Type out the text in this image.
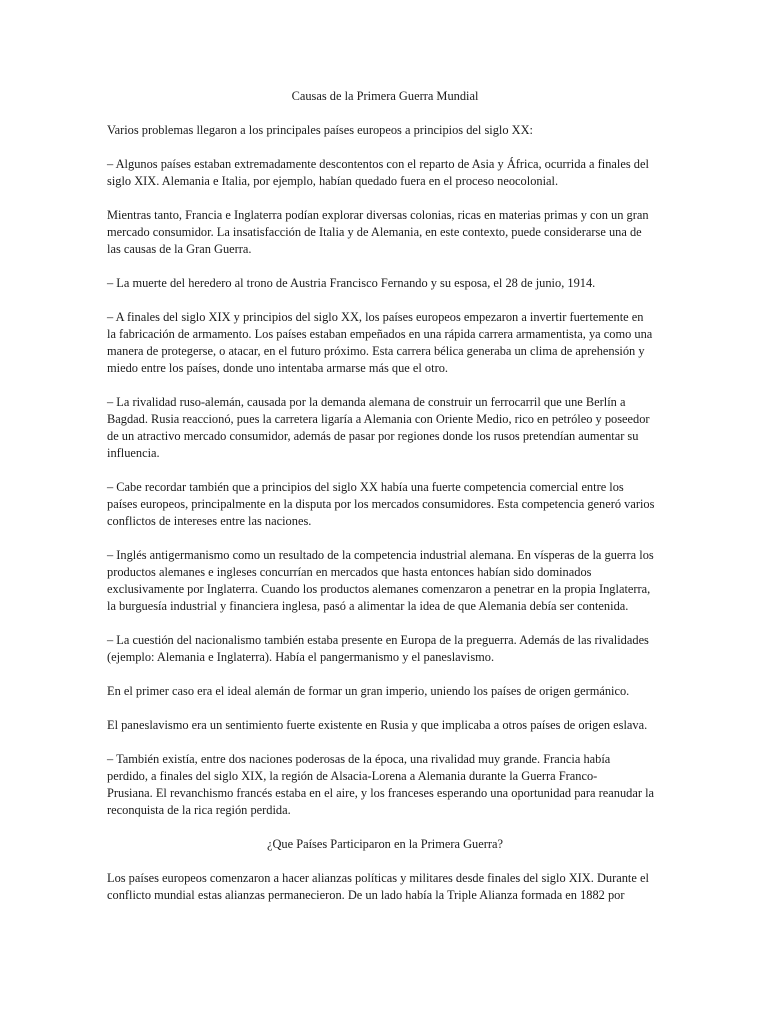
Causas de la Primera Guerra Mundial
Varios problemas llegaron a los principales países europeos a principios del siglo XX:
– Algunos países estaban extremadamente descontentos con el reparto de Asia y África, ocurrida a finales del
siglo XIX. Alemania e Italia, por ejemplo, habían quedado fuera en el proceso neocolonial.
Mientras tanto, Francia e Inglaterra podían explorar diversas colonias, ricas en materias primas y con un gran
mercado consumidor. La insatisfacción de Italia y de Alemania, en este contexto, puede considerarse una de
las causas de la Gran Guerra.
– La muerte del heredero al trono de Austria Francisco Fernando y su esposa, el 28 de junio, 1914.
– A finales del siglo XIX y principios del siglo XX, los países europeos empezaron a invertir fuertemente en
la fabricación de armamento. Los países estaban empeñados en una rápida carrera armamentista, ya como una
manera de protegerse, o atacar, en el futuro próximo. Esta carrera bélica generaba un clima de aprehensión y
miedo entre los países, donde uno intentaba armarse más que el otro.
– La rivalidad ruso-alemán, causada por la demanda alemana de construir un ferrocarril que une Berlín a
Bagdad. Rusia reaccionó, pues la carretera ligaría a Alemania con Oriente Medio, rico en petróleo y poseedor
de un atractivo mercado consumidor, además de pasar por regiones donde los rusos pretendían aumentar su
influencia.
– Cabe recordar también que a principios del siglo XX había una fuerte competencia comercial entre los
países europeos, principalmente en la disputa por los mercados consumidores. Esta competencia generó varios
conflictos de intereses entre las naciones.
– Inglés antigermanismo como un resultado de la competencia industrial alemana. En vísperas de la guerra los
productos alemanes e ingleses concurrían en mercados que hasta entonces habían sido dominados
exclusivamente por Inglaterra. Cuando los productos alemanes comenzaron a penetrar en la propia Inglaterra,
la burguesía industrial y financiera inglesa, pasó a alimentar la idea de que Alemania debía ser contenida.
– La cuestión del nacionalismo también estaba presente en Europa de la preguerra. Además de las rivalidades
(ejemplo: Alemania e Inglaterra). Había el pangermanismo y el paneslavismo.
En el primer caso era el ideal alemán de formar un gran imperio, uniendo los países de origen germánico.
El paneslavismo era un sentimiento fuerte existente en Rusia y que implicaba a otros países de origen eslava.
– También existía, entre dos naciones poderosas de la época, una rivalidad muy grande. Francia había
perdido, a finales del siglo XIX, la región de Alsacia-Lorena a Alemania durante la Guerra Franco-
Prusiana. El revanchismo francés estaba en el aire, y los franceses esperando una oportunidad para reanudar la
reconquista de la rica región perdida.
¿Que Países Participaron en la Primera Guerra?
Los países europeos comenzaron a hacer alianzas políticas y militares desde finales del siglo XIX. Durante el
conflicto mundial estas alianzas permanecieron. De un lado había la Triple Alianza formada en 1882 por
